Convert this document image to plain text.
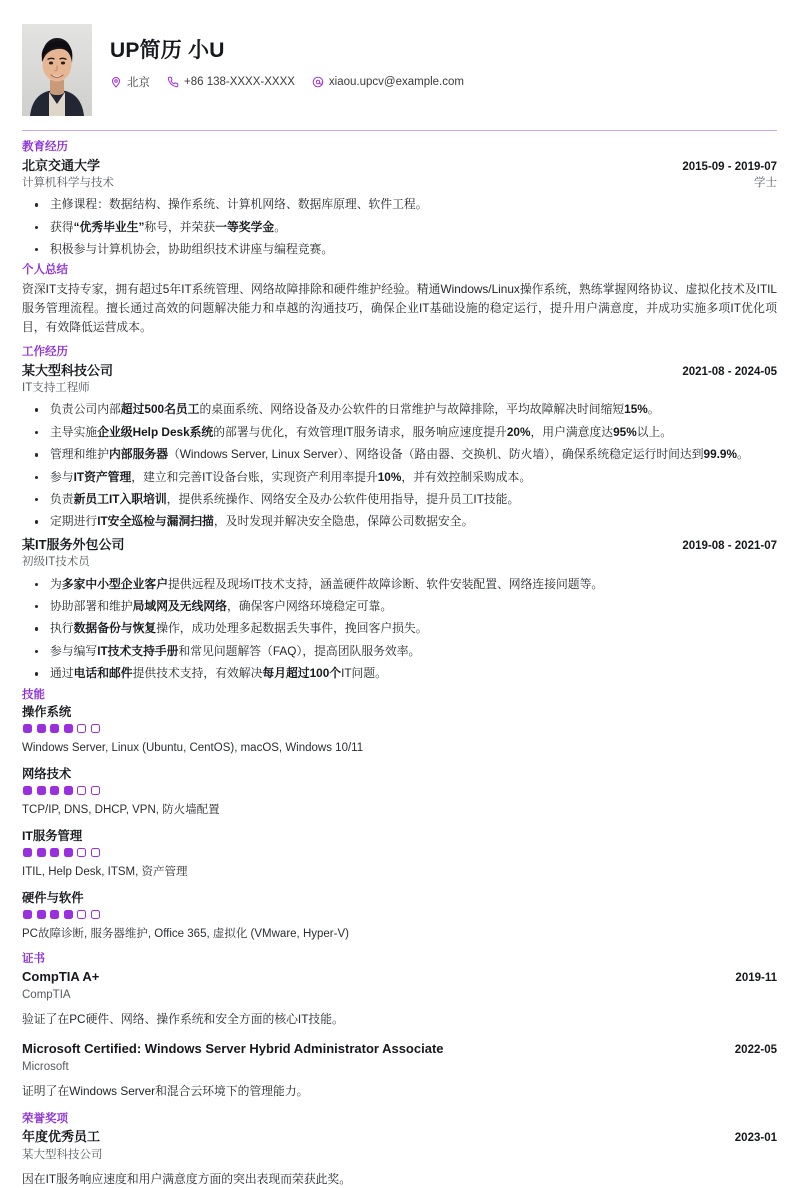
UP简历 小U
北京	+86 138-XXXX-XXXX	xiaou.upcv@example.com
教育经历
北京交通大学	2015-09 - 2019-07
计算机科学与技术	学士
主修课程：数据结构、操作系统、计算机网络、数据库原理、软件工程。
获得“优秀毕业生”称号，并荣获一等奖学金。
积极参与计算机协会，协助组织技术讲座与编程竞赛。
个人总结
资深IT支持专家，拥有超过5年IT系统管理、网络故障排除和硬件维护经验。精通Windows/Linux操作系统，熟练掌握网络协议、虚拟化技术及ITIL服务管理流程。擅长通过高效的问题解决能力和卓越的沟通技巧，确保企业IT基础设施的稳定运行，提升用户满意度，并成功实施多项IT优化项目，有效降低运营成本。
工作经历
某大型科技公司	2021-08 - 2024-05
IT支持工程师
负责公司内部超过500名员工的桌面系统、网络设备及办公软件的日常维护与故障排除，平均故障解决时间缩短15%。
主导实施企业级Help Desk系统的部署与优化，有效管理IT服务请求，服务响应速度提升20%，用户满意度达95%以上。
管理和维护内部服务器（Windows Server, Linux Server）、网络设备（路由器、交换机、防火墙），确保系统稳定运行时间达到99.9%。
参与IT资产管理，建立和完善IT设备台账，实现资产利用率提升10%，并有效控制采购成本。
负责新员工IT入职培训，提供系统操作、网络安全及办公软件使用指导，提升员工IT技能。
定期进行IT安全巡检与漏洞扫描，及时发现并解决安全隐患，保障公司数据安全。
某IT服务外包公司	2019-08 - 2021-07
初级IT技术员
为多家中小型企业客户提供远程及现场IT技术支持，涵盖硬件故障诊断、软件安装配置、网络连接问题等。
协助部署和维护局域网及无线网络，确保客户网络环境稳定可靠。
执行数据备份与恢复操作，成功处理多起数据丢失事件，挽回客户损失。
参与编写IT技术支持手册和常见问题解答（FAQ），提高团队服务效率。
通过电话和邮件提供技术支持，有效解决每月超过100个IT问题。
技能
操作系统
Windows Server, Linux (Ubuntu, CentOS), macOS, Windows 10/11
网络技术
TCP/IP, DNS, DHCP, VPN, 防火墙配置
IT服务管理
ITIL, Help Desk, ITSM, 资产管理
硬件与软件
PC故障诊断, 服务器维护, Office 365, 虚拟化 (VMware, Hyper-V)
证书
CompTIA A+	2019-11
CompTIA
验证了在PC硬件、网络、操作系统和安全方面的核心IT技能。
Microsoft Certified: Windows Server Hybrid Administrator Associate	2022-05
Microsoft
证明了在Windows Server和混合云环境下的管理能力。
荣誉奖项
年度优秀员工	2023-01
某大型科技公司
因在IT服务响应速度和用户满意度方面的突出表现而荣获此奖。
